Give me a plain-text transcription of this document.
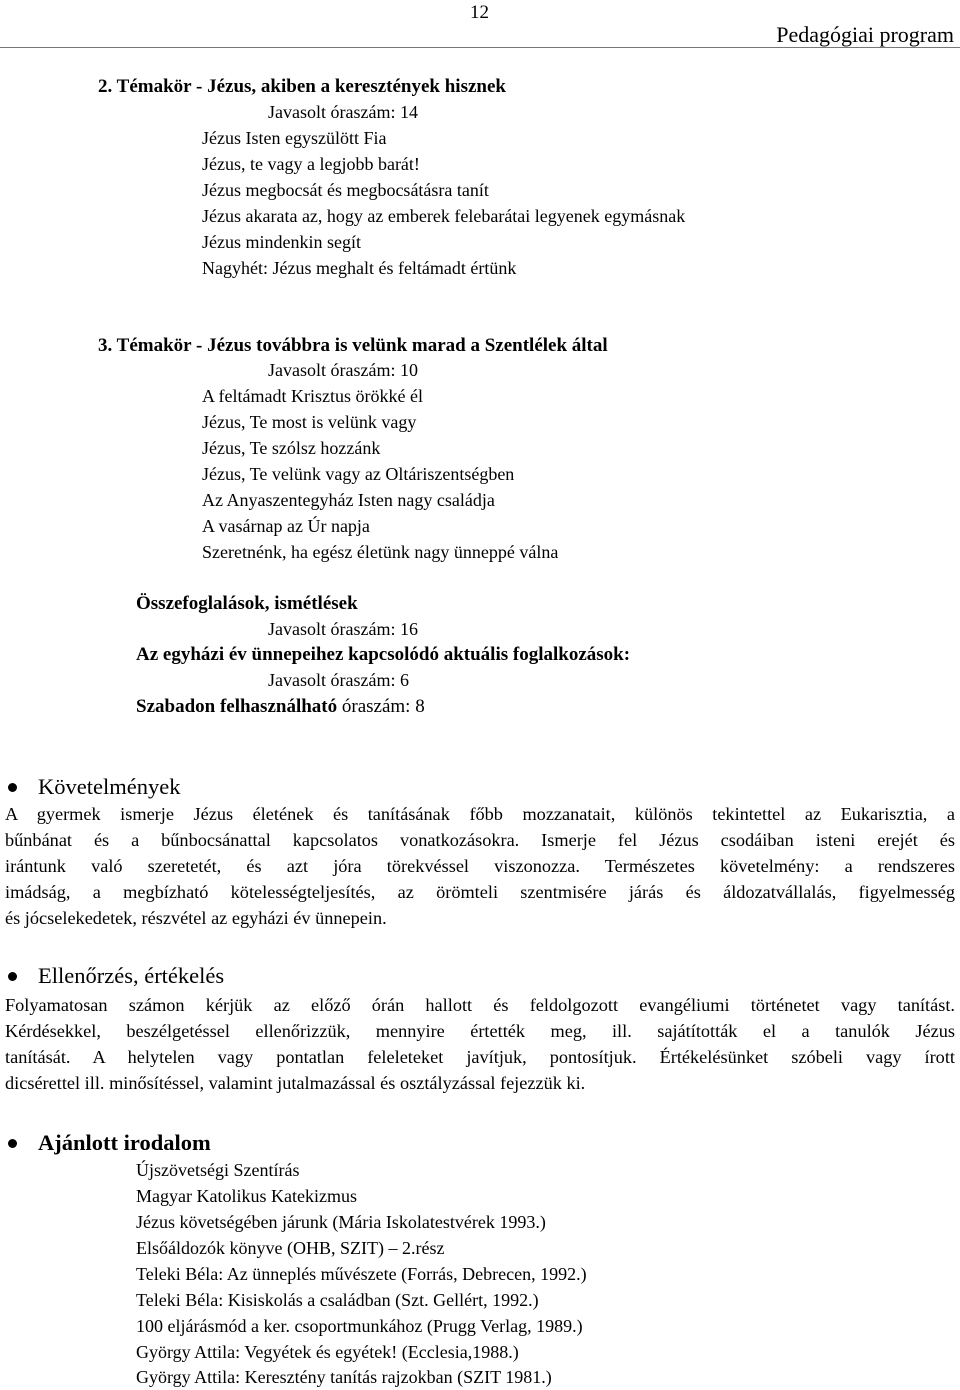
12
Pedagógiai program
2. Témakör - Jézus, akiben a keresztények hisznek
Javasolt óraszám: 14
Jézus Isten egyszülött Fia
Jézus, te vagy a legjobb barát!
Jézus megbocsát és megbocsátásra tanít
Jézus akarata az, hogy az emberek felebarátai legyenek egymásnak
Jézus mindenkin segít
Nagyhét: Jézus meghalt és feltámadt értünk
3. Témakör - Jézus továbbra is velünk marad a Szentlélek által
Javasolt óraszám: 10
A feltámadt Krisztus örökké él
Jézus, Te most is velünk vagy
Jézus, Te szólsz hozzánk
Jézus, Te velünk vagy az Oltáriszentségben
Az Anyaszentegyház Isten nagy családja
A vasárnap az Úr napja
Szeretnénk, ha egész életünk nagy ünneppé válna
Összefoglalások, ismétlések
Javasolt óraszám: 16
Az egyházi év ünnepeihez kapcsolódó aktuális foglalkozások:
Javasolt óraszám: 6
Szabadon felhasználható óraszám: 8
Követelmények

A gyermek ismerje Jézus életének és tanításának főbb mozzanatait, különös tekintettel az Eukarisztia, a

bűnbánat és a bűnbocsánattal kapcsolatos vonatkozásokra. Ismerje fel Jézus csodáiban isteni erejét és

irántunk való szeretetét, és azt jóra törekvéssel viszonozza. Természetes követelmény: a rendszeres

imádság, a megbízható kötelességteljesítés, az örömteli szentmisére járás és áldozatvállalás, figyelmesség

és jócselekedetek, részvétel az egyházi év ünnepein.

Ellenőrzés, értékelés

Folyamatosan számon kérjük az előző órán hallott és feldolgozott evangéliumi történetet vagy tanítást.

Kérdésekkel, beszélgetéssel ellenőrizzük, mennyire értették meg, ill. sajátították el a tanulók Jézus

tanítását. A helytelen vagy pontatlan feleleteket javítjuk, pontosítjuk. Értékelésünket szóbeli vagy írott

dicsérettel ill. minősítéssel, valamint jutalmazással és osztályzással fejezzük ki.

Ajánlott irodalom
Újszövetségi Szentírás
Magyar Katolikus Katekizmus
Jézus követségében járunk (Mária Iskolatestvérek 1993.)
Elsőáldozók könyve (OHB, SZIT) – 2.rész
Teleki Béla: Az ünneplés művészete (Forrás, Debrecen, 1992.)
Teleki Béla: Kisiskolás a családban (Szt. Gellért, 1992.)
100 eljárásmód a ker. csoportmunkához (Prugg Verlag, 1989.)
György Attila: Vegyétek és egyétek! (Ecclesia,1988.)
György Attila: Keresztény tanítás rajzokban (SZIT 1981.)
